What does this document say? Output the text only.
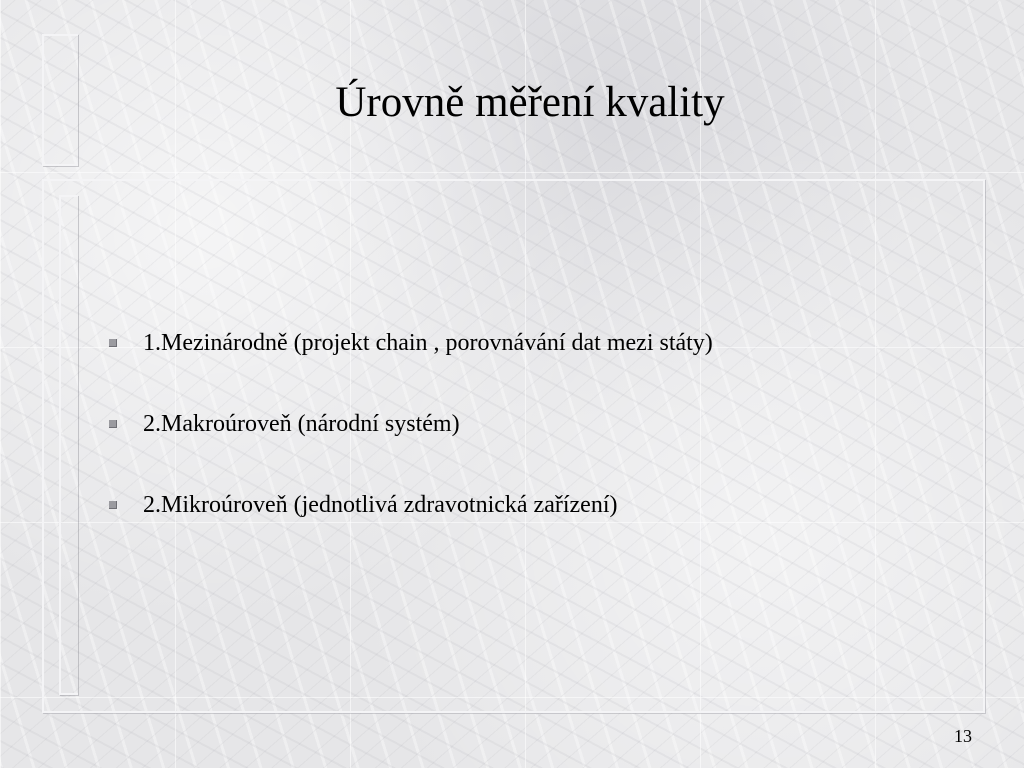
Úrovně měření kvality
1.Mezinárodně (projekt chain , porovnávání dat mezi státy)
2.Makroúroveň (národní systém)
2.Mikroúroveň (jednotlivá zdravotnická zařízení)
13
